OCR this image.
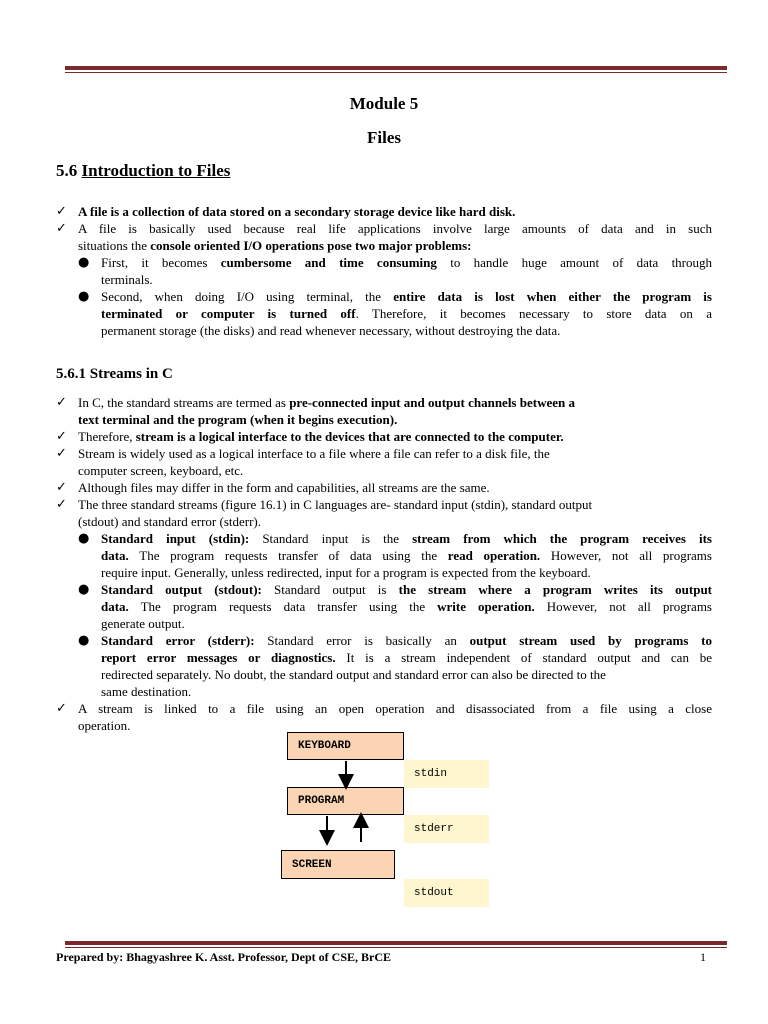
Module 5
Files
5.6 Introduction to Files
✓ A file is a collection of data stored on a secondary storage device like hard disk.
✓ A file is basically used because real life applications involve large amounts of data and in such
situations the console oriented I/O operations pose two major problems:
● First, it becomes cumbersome and time consuming to handle huge amount of data through
terminals.
● Second, when doing I/O using terminal, the entire data is lost when either the program is
terminated or computer is turned off. Therefore, it becomes necessary to store data on a
permanent storage (the disks) and read whenever necessary, without destroying the data.
5.6.1 Streams in C
✓ In C, the standard streams are termed as pre-connected input and output channels between a
text terminal and the program (when it begins execution).
✓ Therefore, stream is a logical interface to the devices that are connected to the computer.
✓ Stream is widely used as a logical interface to a file where a file can refer to a disk file, the
computer screen, keyboard, etc.
✓ Although files may differ in the form and capabilities, all streams are the same.
✓ The three standard streams (figure 16.1) in C languages are- standard input (stdin), standard output
(stdout) and standard error (stderr).
● Standard input (stdin): Standard input is the stream from which the program receives its
data. The program requests transfer of data using the read operation. However, not all programs
require input. Generally, unless redirected, input for a program is expected from the keyboard.
● Standard output (stdout): Standard output is the stream where a program writes its output
data. The program requests data transfer using the write operation. However, not all programs
generate output.
● Standard error (stderr): Standard error is basically an output stream used by programs to
report error messages or diagnostics. It is a stream independent of standard output and can be
redirected separately. No doubt, the standard output and standard error can also be directed to the
same destination.
✓ A stream is linked to a file using an open operation and disassociated from a file using a close
operation.
KEYBOARD
PROGRAM
SCREEN
stdin
stderr
stdout
Prepared by: Bhagyashree K. Asst. Professor, Dept of CSE, BrCE	1
